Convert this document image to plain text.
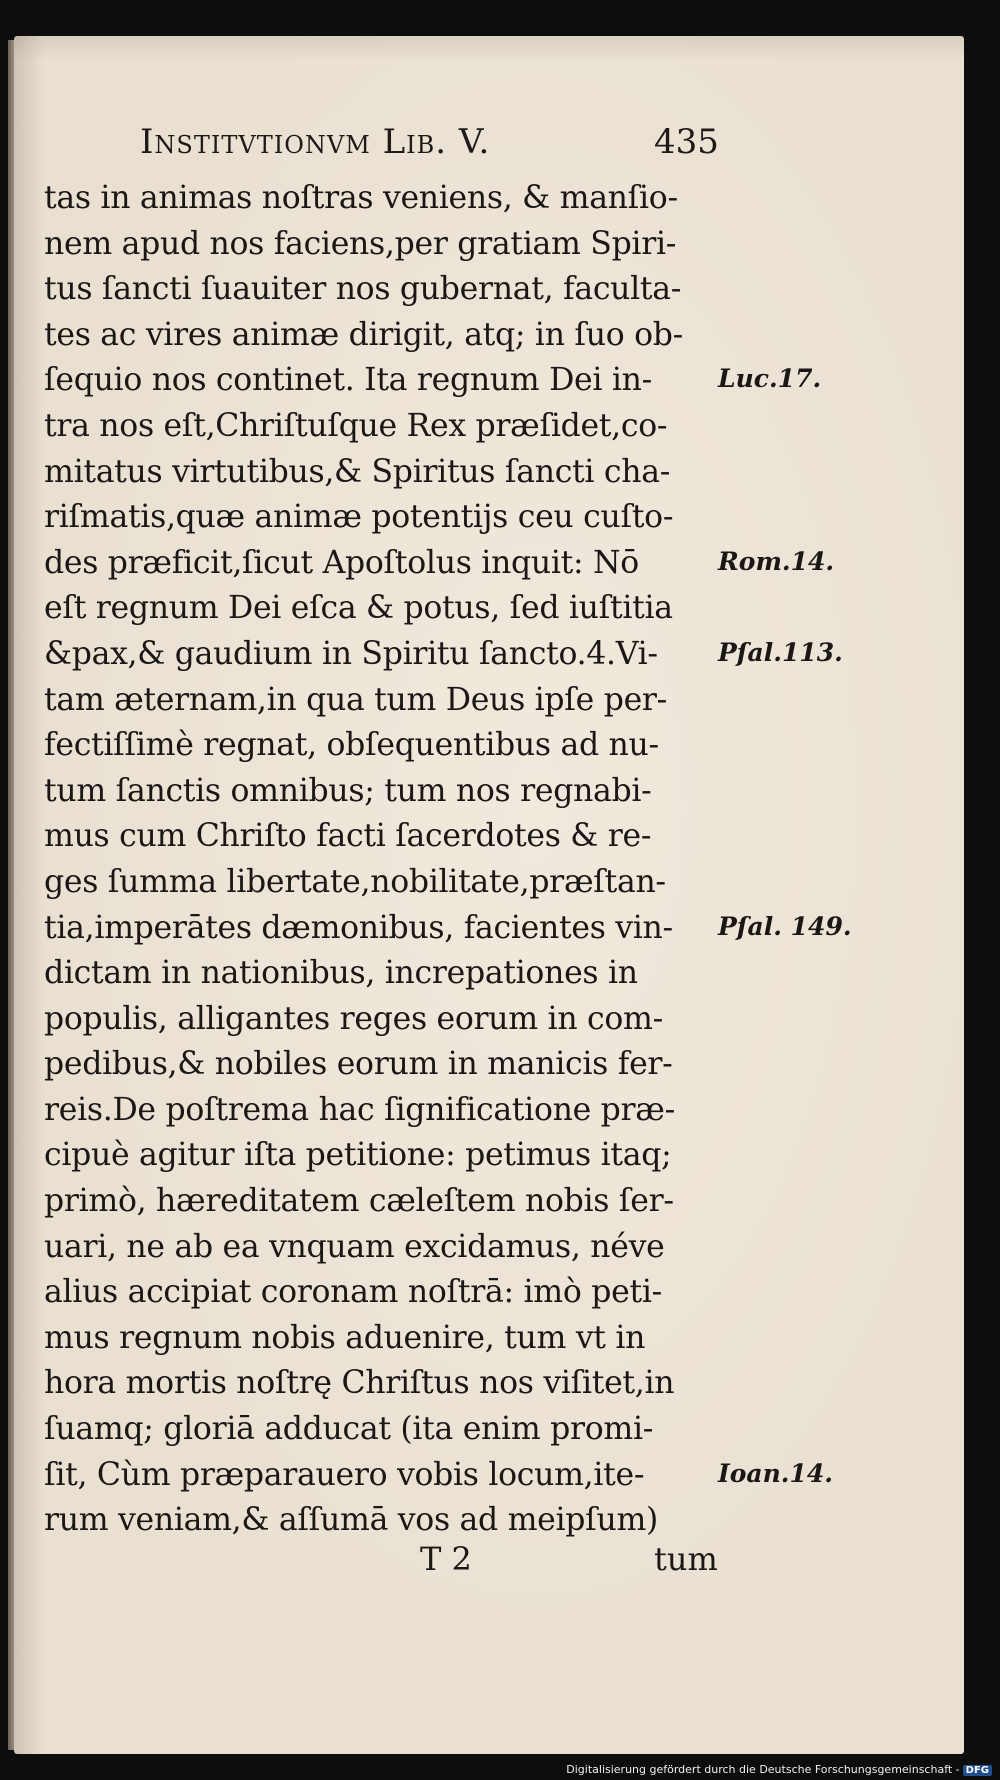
Institvtionvm Lib. V.	435
tas in animas noſtras veniens, & manſio-
nem apud nos faciens,per gratiam Spiri-
tus ſancti ſuauiter nos gubernat, faculta-
tes ac vires animæ dirigit, atq; in ſuo ob-
ſequio nos continet. Ita regnum Dei in-
tra nos eſt,Chriſtuſque Rex præſidet,co-
mitatus virtutibus,& Spiritus ſancti cha-
riſmatis,quæ animæ potentijs ceu cuſto-
des præficit,ſicut Apoſtolus inquit: Nō
eſt regnum Dei eſca & potus, ſed iuſtitia
&pax,& gaudium in Spiritu ſancto.4.Vi-
tam æternam,in qua tum Deus ipſe per-
fectiſſimè regnat, obſequentibus ad nu-
tum ſanctis omnibus; tum nos regnabi-
mus cum Chriſto facti ſacerdotes & re-
ges ſumma libertate,nobilitate,præſtan-
tia,imperātes dæmonibus, facientes vin-
dictam in nationibus, increpationes in
populis, alligantes reges eorum in com-
pedibus,& nobiles eorum in manicis fer-
reis.De poſtrema hac ſignificatione præ-
cipuè agitur iſta petitione: petimus itaq;
primò, hæreditatem cæleſtem nobis ſer-
uari, ne ab ea vnquam excidamus, néve
alius accipiat coronam noſtrā: imò peti-
mus regnum nobis aduenire, tum vt in
hora mortis noſtrę Chriſtus nos viſitet,in
ſuamq; gloriā adducat (ita enim promi-
ſit, Cùm præparauero vobis locum,ite-
rum veniam,& aſſumā vos ad meipſum)
Luc.17.
Rom.14.
Pſal.113.
Pſal. 149.
Ioan.14.
T 2	tum
Digitalisierung gefördert durch die Deutsche Forschungsgemeinschaft - DFG
